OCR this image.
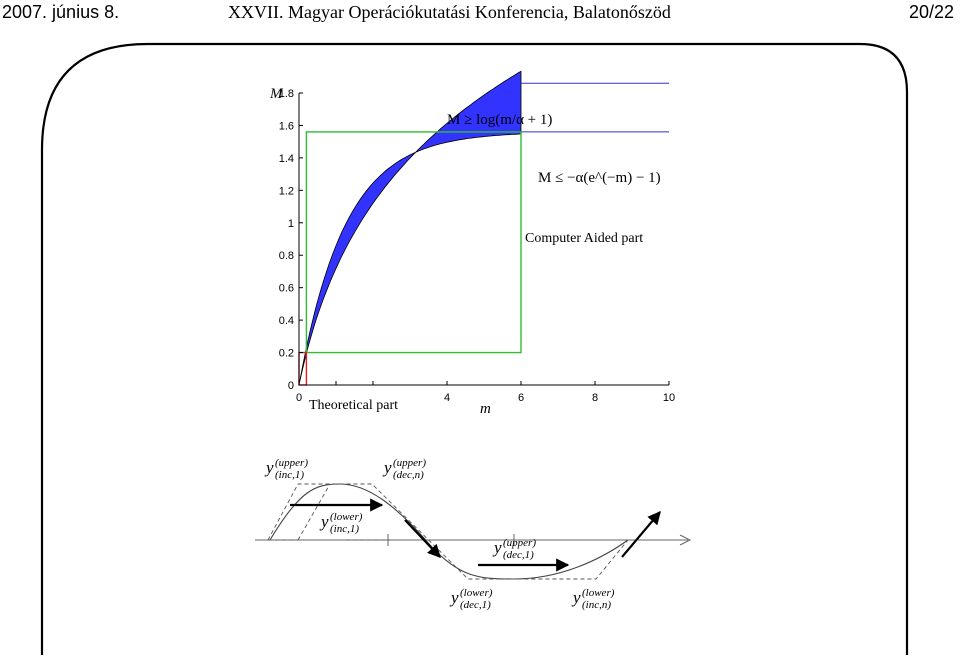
2007. június 8.	XXVII. Magyar Operációkutatási Konferencia, Balatonőszöd	20/22
0
0.2
0.4
0.6
0.8
1
1.2
1.4
1.6
1.8
0	4	6	8	10
M
m
M ≥ log(m/α + 1)
M ≤ −α(e^(−m) − 1)
Computer Aided part
Theoretical part
y (upper)
(inc,1)	y (upper)
(dec,n)
y (lower)
(inc,1)
y (upper)
(dec,1)
y (lower)
(dec,1)	y (lower)
(inc,n)
